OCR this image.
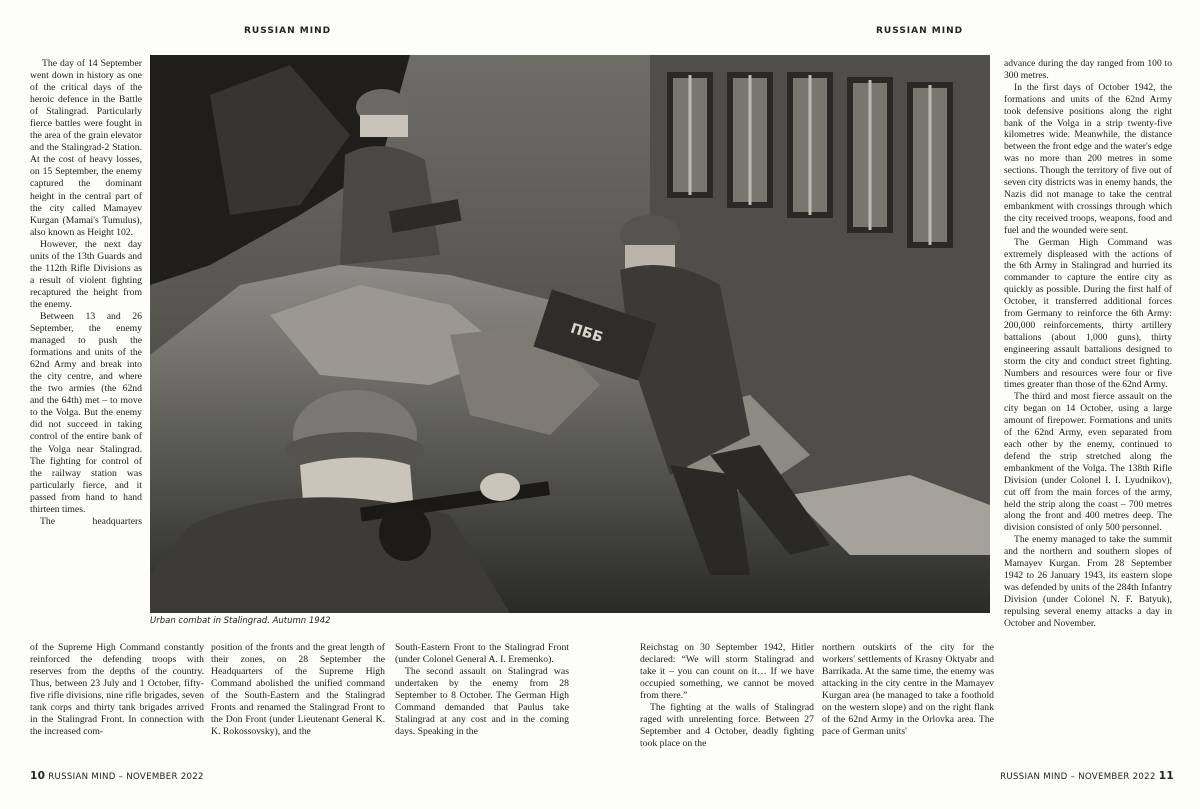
RUSSIAN MIND	RUSSIAN MIND

The day of 14 September went down in history as one of the critical days of the heroic defence in the Battle of Stalingrad. Particularly fierce battles were fought in the area of the grain elevator and the Stalingrad-2 Station. At the cost of heavy losses, on 15 September, the enemy captured the dominant height in the central part of the city called Mamayev Kurgan (Mamai's Tumulus), also known as Height 102.

However, the next day units of the 13th Guards and the 112th Rifle Divisions as a result of violent fighting recaptured the height from the enemy.

Between 13 and 26 September, the enemy managed to push the formations and units of the 62nd Army and break into the city centre, and where the two armies (the 62nd and the 64th) met – to move to the Volga. But the enemy did not succeed in taking control of the entire bank of the Volga near Stalingrad. The fighting for control of the railway station was particularly fierce, and it passed from hand to hand thirteen times.

The headquarters

ПББ
Urban combat in Stalingrad. Autumn 1942

of the Supreme High Command constantly reinforced the defending troops with reserves from the depths of the country. Thus, between 23 July and 1 October, fifty-five rifle divisions, nine rifle brigades, seven tank corps and thirty tank brigades arrived in the Stalingrad Front. In connection with the increased com-

position of the fronts and the great length of their zones, on 28 September the Headquarters of the Supreme High Command abolished the unified command of the South-Eastern and the Stalingrad Fronts and renamed the Stalingrad Front to the Don Front (under Lieutenant General K. K. Rokossovsky), and the

South-Eastern Front to the Stalingrad Front (under Colonel General A. I. Eremenko).

The second assault on Stalingrad was undertaken by the enemy from 28 September to 8 October. The German High Command demanded that Paulus take Stalingrad at any cost and in the coming days. Speaking in the

Reichstag on 30 September 1942, Hitler declared: “We will storm Stalingrad and take it – you can count on it… If we have occupied something, we cannot be moved from there.”

The fighting at the walls of Stalingrad raged with unrelenting force. Between 27 September and 4 October, deadly fighting took place on the

northern outskirts of the city for the workers' settlements of Krasny Oktyabr and Barrikada. At the same time, the enemy was attacking in the city centre in the Mamayev Kurgan area (he managed to take a foothold on the western slope) and on the right flank of the 62nd Army in the Orlovka area. The pace of German units'

advance during the day ranged from 100 to 300 metres.

In the first days of October 1942, the formations and units of the 62nd Army took defensive positions along the right bank of the Volga in a strip twenty-five kilometres wide. Meanwhile, the distance between the front edge and the water's edge was no more than 200 metres in some sections. Though the territory of five out of seven city districts was in enemy hands, the Nazis did not manage to take the central embankment with crossings through which the city received troops, weapons, food and fuel and the wounded were sent.

The German High Command was extremely displeased with the actions of the 6th Army in Stalingrad and hurried its commander to capture the entire city as quickly as possible. During the first half of October, it transferred additional forces from Germany to reinforce the 6th Army: 200,000 reinforcements, thirty artillery battalions (about 1,000 guns), thirty engineering assault battalions designed to storm the city and conduct street fighting. Numbers and resources were four or five times greater than those of the 62nd Army.

The third and most fierce assault on the city began on 14 October, using a large amount of firepower. Formations and units of the 62nd Army, even separated from each other by the enemy, continued to defend the strip stretched along the embankment of the Volga. The 138th Rifle Division (under Colonel I. I. Lyudnikov), cut off from the main forces of the army, held the strip along the coast – 700 metres along the front and 400 metres deep. The division consisted of only 500 personnel.

The enemy managed to take the summit and the northern and southern slopes of Mamayev Kurgan. From 28 September 1942 to 26 January 1943, its eastern slope was defended by units of the 284th Infantry Division (under Colonel N. F. Batyuk), repulsing several enemy attacks a day in October and November.

10 RUSSIAN MIND – NOVEMBER 2022	RUSSIAN MIND – NOVEMBER 2022 11
